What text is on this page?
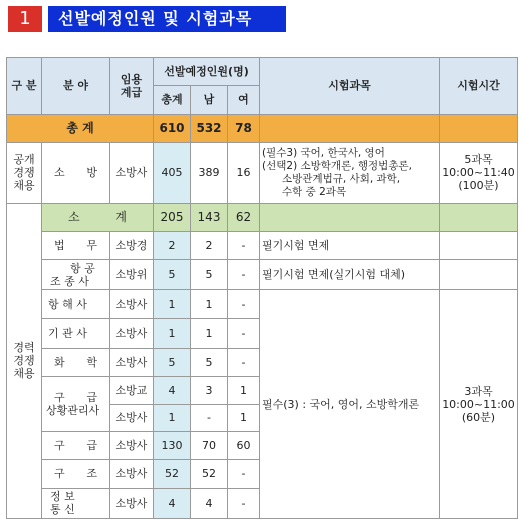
1	선발예정인원 및 시험과목
구 분	분 야	임용
계급	선발예정인원(명)			시험과목	시험시간
			총계	남	여		
총 계			610	532	78		
공개
경쟁
채용	소 방	소방사	405	389	16	(필수3) 국어, 한국사, 영어
(선택2) 소방학개론, 행정법총론,
소방관계법규, 사회, 과학,
수학 중 2과목	5과목
10:00~11:40
(100분)
경력
경쟁
채용	소 계		205	143	62		

	법 무	소방경	2	2	-	필기시험 면제	

	항 공
조 종 사	소방위	5	5	-	필기시험 면제(실기시험 대체)	
	항 해 사	소방사	1	1	-	필수(3) : 국어, 영어, 소방학개론	3과목
10:00~11:00
(60분)
	기 관 사	소방사	1	1	-		

	화 학	소방사	5	5	-		

	구 급
상황관리사	소방교	4	3	1		
		소방사	1	-	1		

	구 급	소방사	130	70	60		

	구 조	소방사	52	52	-		

	정 보
통 신	소방사	4	4	-		
